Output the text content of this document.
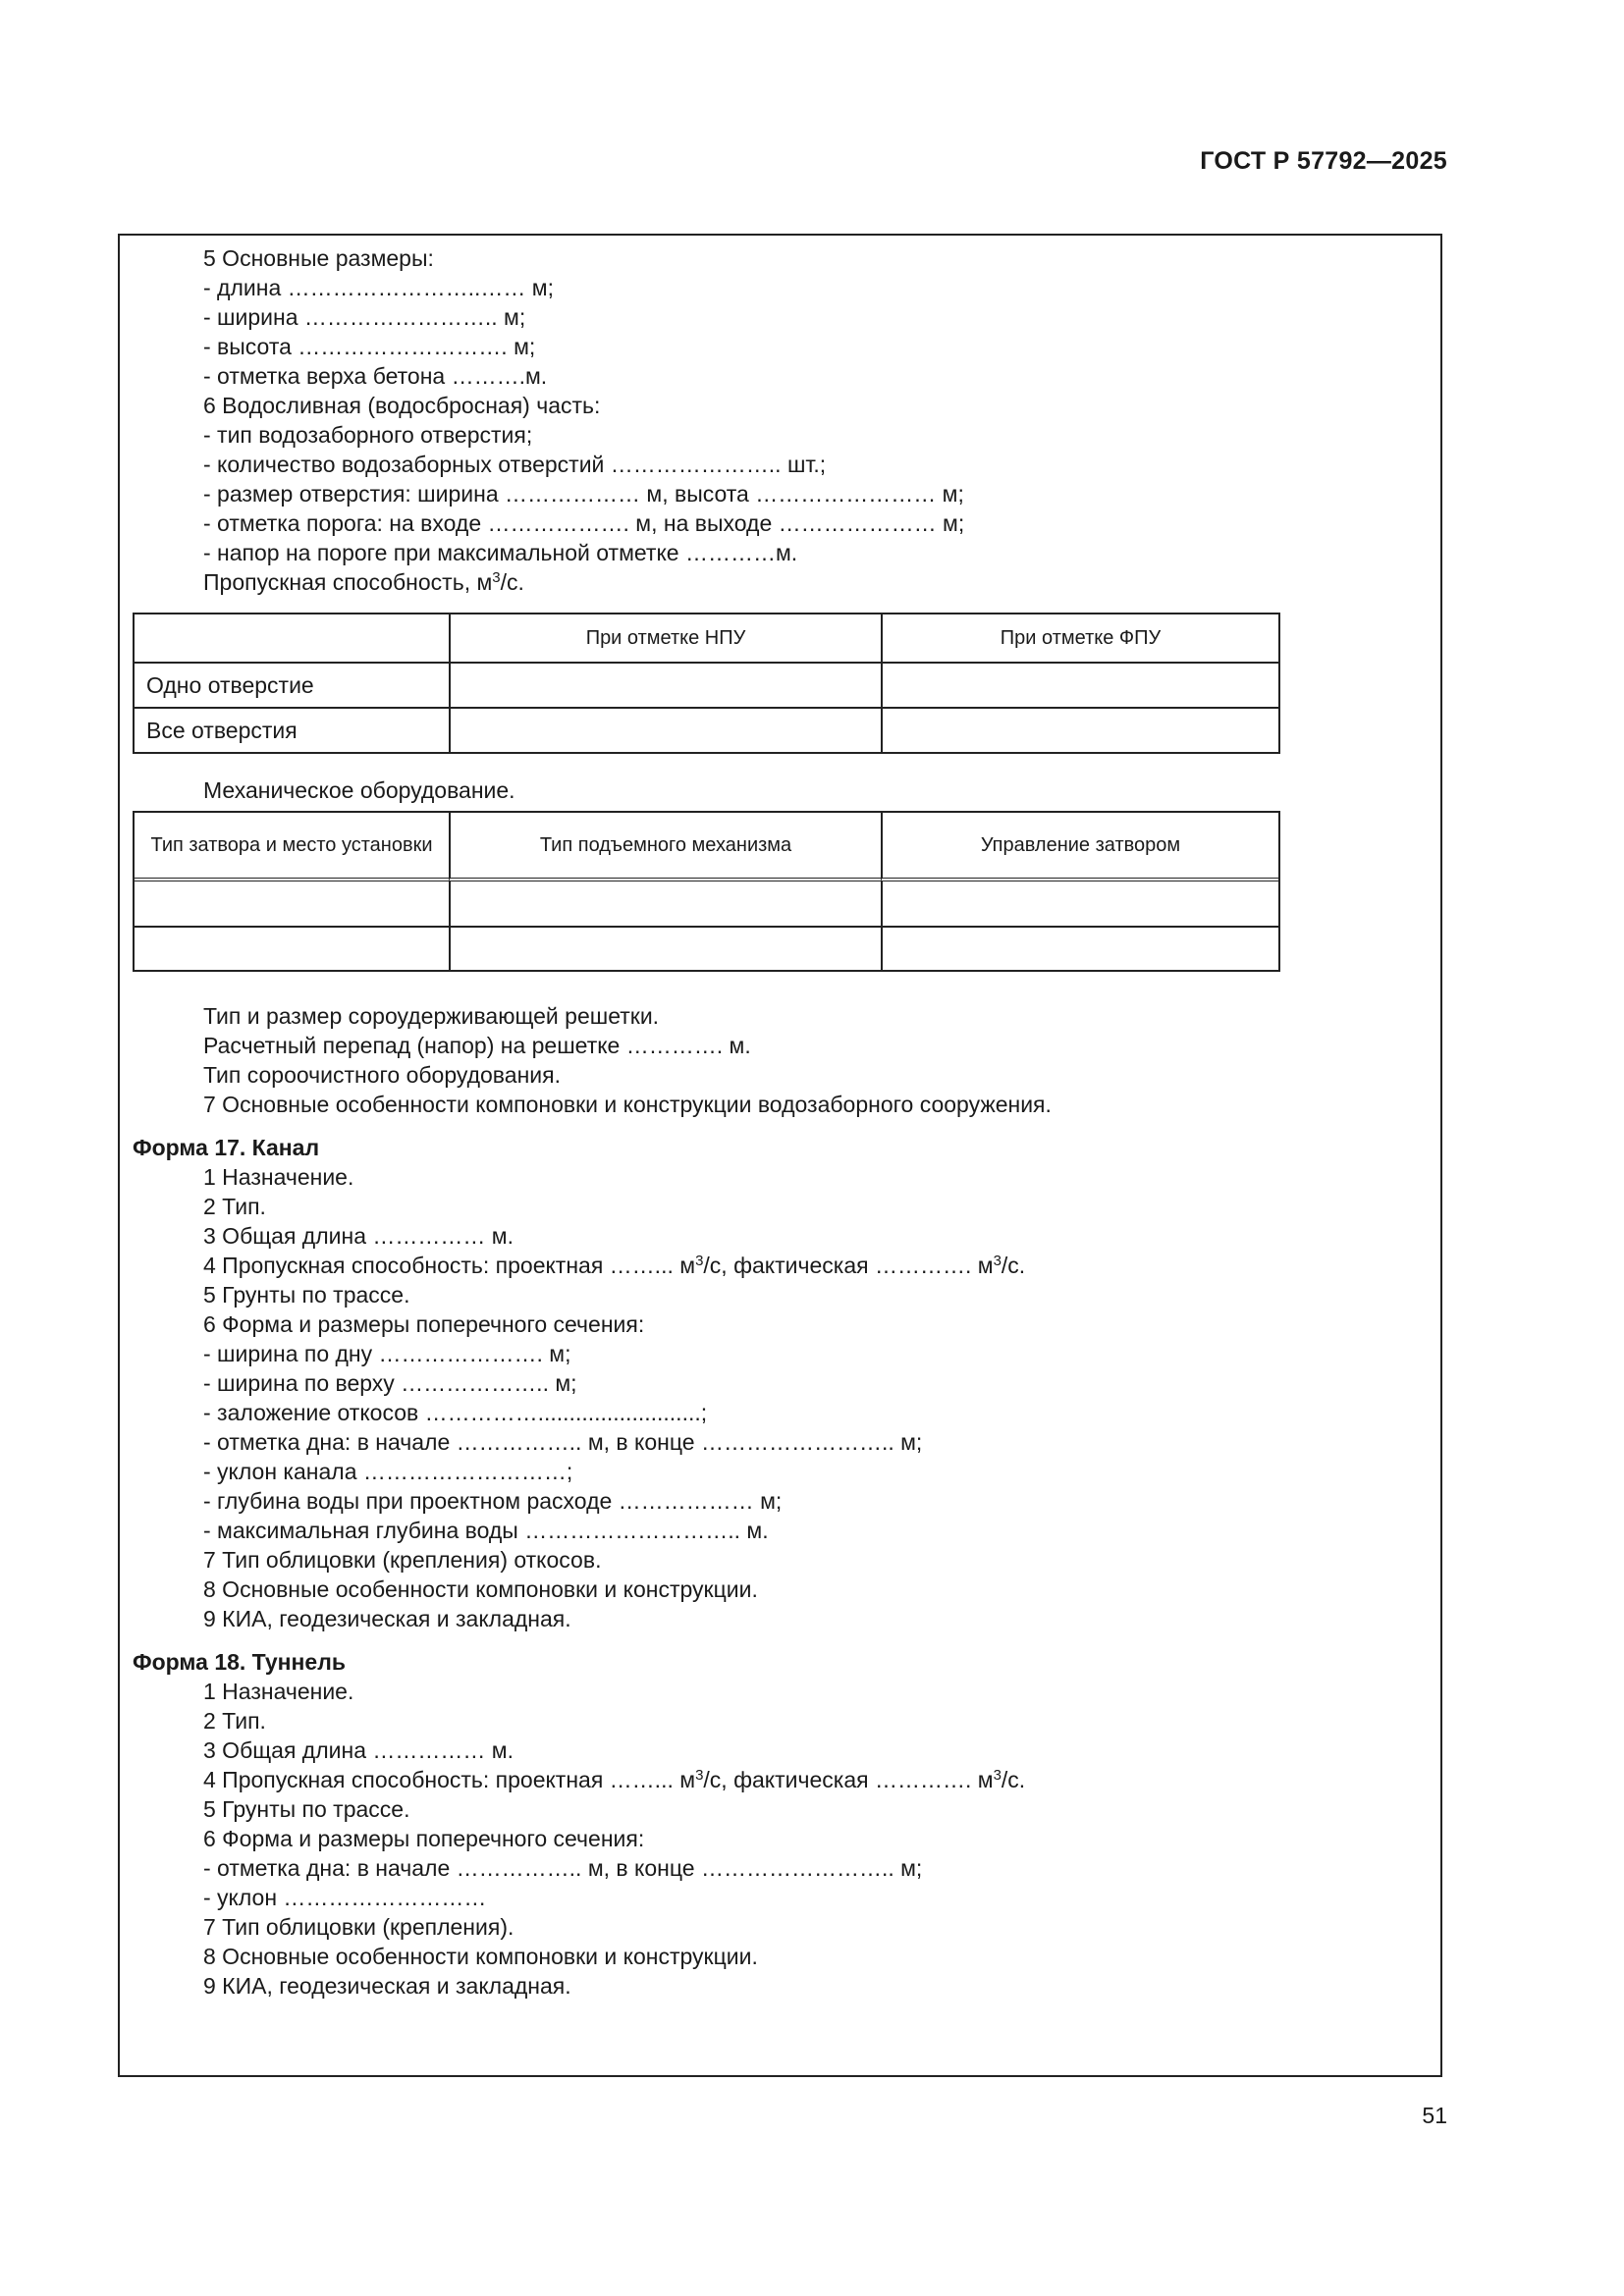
ГОСТ Р 57792—2025
5 Основные размеры:
- длина ……………………..…… м;
- ширина …………………….. м;
- высота ………………………. м;
- отметка верха бетона ……….м.
6 Водосливная (водосбросная) часть:
- тип водозаборного отверстия;
- количество водозаборных отверстий ………………….. шт.;
- размер отверстия: ширина ……………… м, высота …………………… м;
- отметка порога: на входе ………………. м, на выходе ………………… м;
- напор на пороге при максимальной отметке …………м.
Пропускная способность, $м^3/с$.
	При отметке НПУ	При отметке ФПУ
Одно отверстие		
Все отверстия		
Механическое оборудование.
Тип затвора и место установки	Тип подъемного механизма	Управление затвором

Тип и размер сороудерживающей решетки.
Расчетный перепад (напор) на решетке …………. м.
Тип сороочистного оборудования.
7 Основные особенности компоновки и конструкции водозаборного сооружения.
Форма 17. Канал
1 Назначение.
2 Тип.
3 Общая длина …………… м.
4 Пропускная способность: проектная ……... $м^3/с$, фактическая …………. $м^3/с$.
5 Грунты по трассе.
6 Форма и размеры поперечного сечения:
- ширина по дну …………………. м;
- ширина по верху ……………….. м;
- заложение откосов ……………..........................;
- отметка дна: в начале …………….. м, в конце …………………….. м;
- уклон канала ………………………;
- глубина воды при проектном расходе ……………… м;
- максимальная глубина воды ……………………….. м.
7 Тип облицовки (крепления) откосов.
8 Основные особенности компоновки и конструкции.
9 КИА, геодезическая и закладная.
Форма 18. Туннель
1 Назначение.
2 Тип.
3 Общая длина …………… м.
4 Пропускная способность: проектная ……... $м^3/с$, фактическая …………. $м^3/с$.
5 Грунты по трассе.
6 Форма и размеры поперечного сечения:
- отметка дна: в начале …………….. м, в конце …………………….. м;
- уклон ………………………
7 Тип облицовки (крепления).
8 Основные особенности компоновки и конструкции.
9 КИА, геодезическая и закладная.
51
